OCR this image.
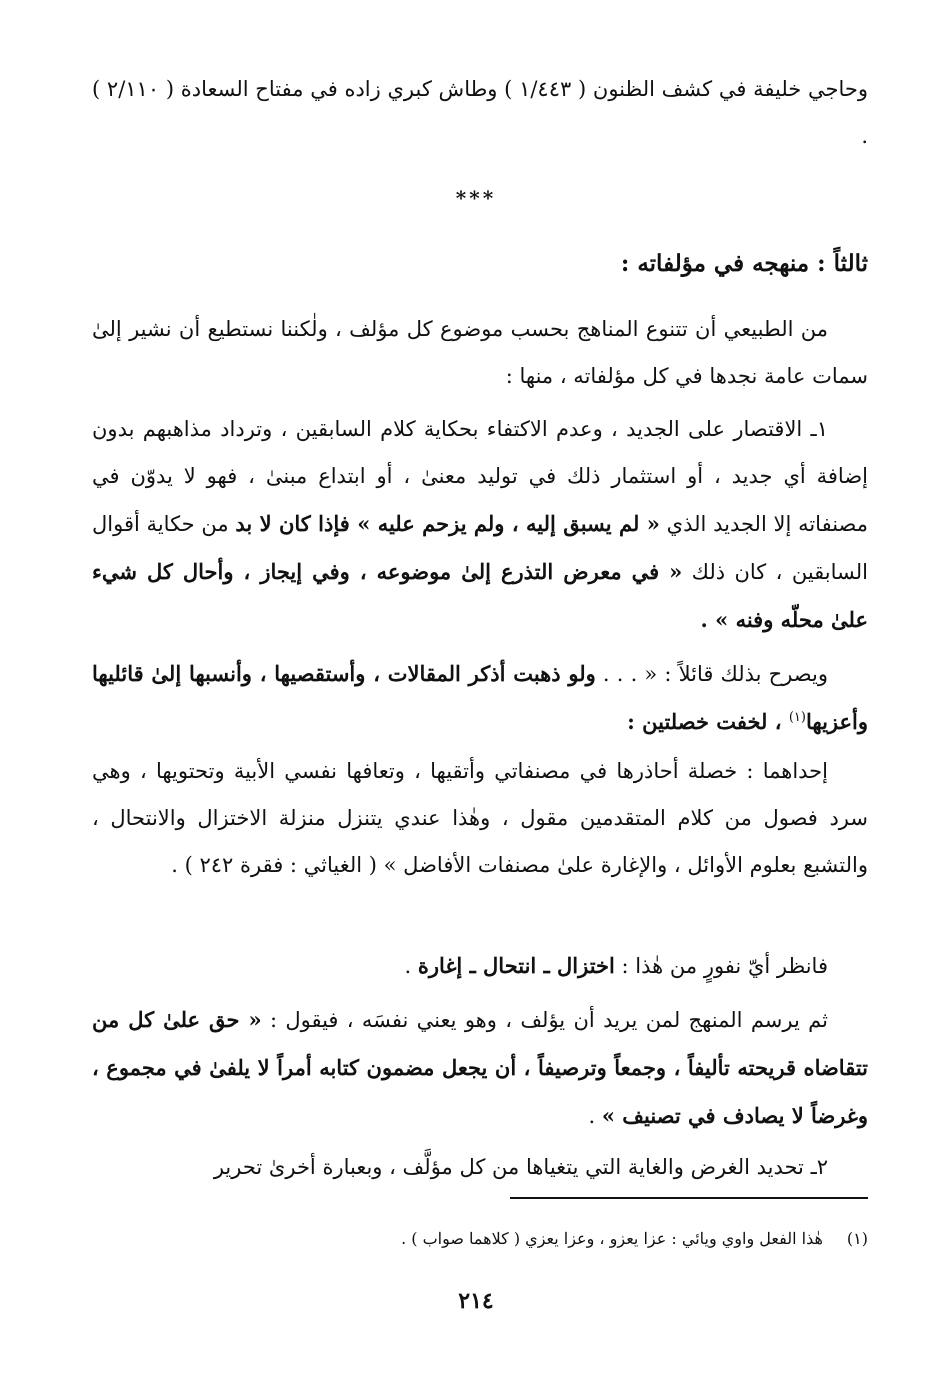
وحاجي خليفة في كشف الظنون ( ١/٤٤٣ ) وطاش كبري زاده في مفتاح السعادة ( ٢/١١٠ ) .

***
ثالثاً : منهجه في مؤلفاته :

من الطبيعي أن تتنوع المناهج بحسب موضوع كل مؤلف ، ولٰكننا نستطيع أن نشير إلىٰ سمات عامة نجدها في كل مؤلفاته ، منها :

١ـ الاقتصار على الجديد ، وعدم الاكتفاء بحكاية كلام السابقين ، وترداد مذاهبهم بدون إضافة أي جديد ، أو استثمار ذلك في توليد معنىٰ ، أو ابتداع مبنىٰ ، فهو لا يدوّن في مصنفاته إلا الجديد الذي « لم يسبق إليه ، ولم يزحم عليه » فإذا كان لا بد من حكاية أقوال السابقين ، كان ذلك « في معرض التذرع إلىٰ موضوعه ، وفي إيجاز ، وأحال كل شيء علىٰ محلّه وفنه » .

ويصرح بذلك قائلاً : « . . . ولو ذهبت أذكر المقالات ، وأستقصيها ، وأنسبها إلىٰ قائليها وأعزيها$^{(١)}$ ، لخفت خصلتين :

إحداهما : خصلة أحاذرها في مصنفاتي وأتقيها ، وتعافها نفسي الأبية وتحتويها ، وهي سرد فصول من كلام المتقدمين مقول ، وهٰذا عندي يتنزل منزلة الاختزال والانتحال ، والتشبع بعلوم الأوائل ، والإغارة علىٰ مصنفات الأفاضل » ( الغياثي : فقرة ٢٤٢ ) .

فانظر أيّ نفورٍ من هٰذا : اختزال ـ انتحال ـ إغارة .

ثم يرسم المنهج لمن يريد أن يؤلف ، وهو يعني نفسَه ، فيقول : « حق علىٰ كل من تتقاضاه قريحته تأليفاً ، وجمعاً وترصيفاً ، أن يجعل مضمون كتابه أمراً لا يلفىٰ في مجموع ، وغرضاً لا يصادف في تصنيف » .

٢ـ تحديد الغرض والغاية التي يتغياها من كل مؤلَّف ، وبعبارة أخرىٰ تحرير

(١)هٰذا الفعل واوي ويائي : عزا يعزو ، وعزا يعزي ( كلاهما صواب ) .
٢١٤
